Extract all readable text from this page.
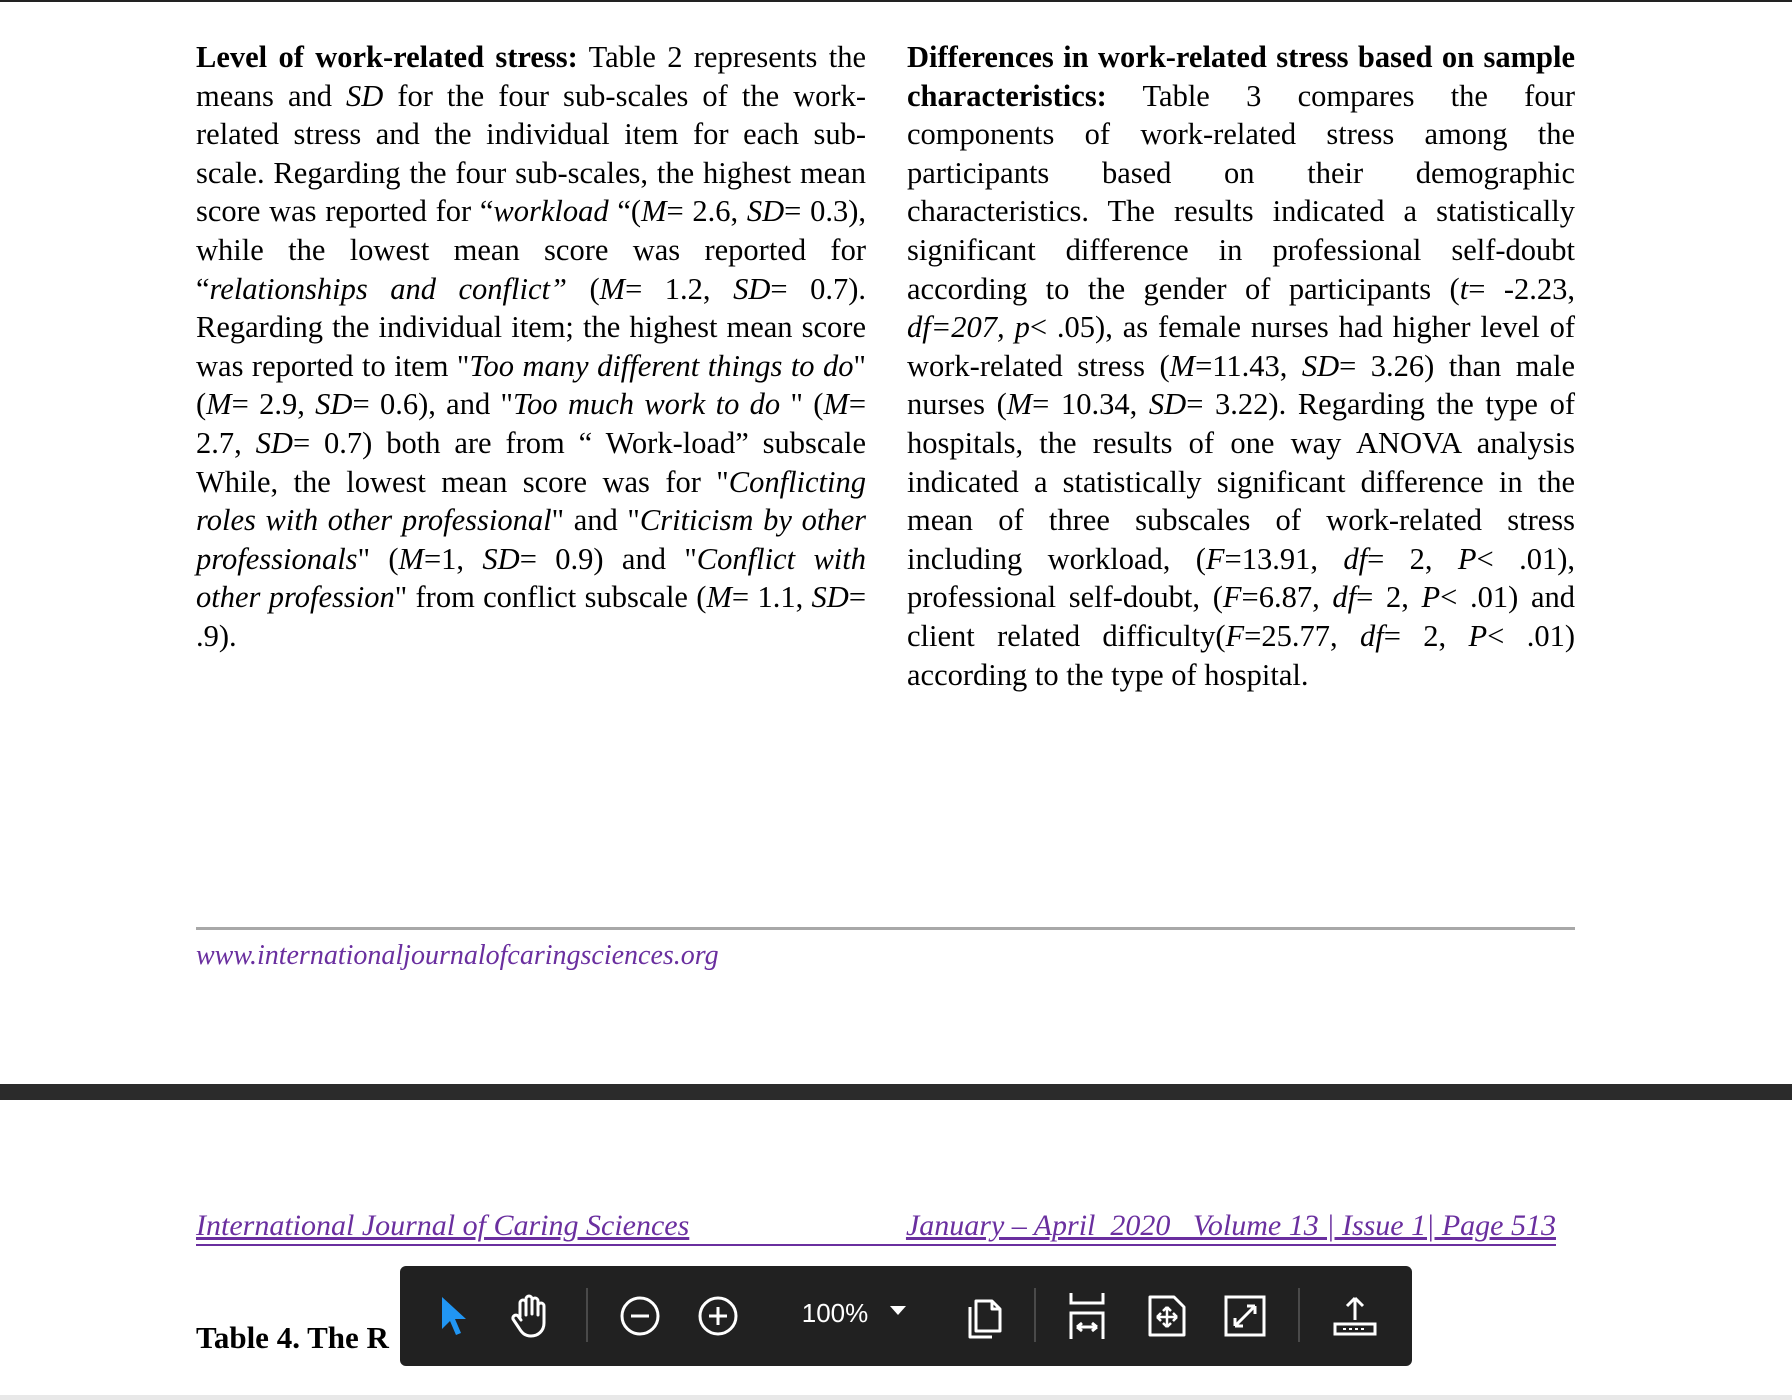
Level of work-related stress: Table 2 represents the means and SD for the four sub-scales of the work-related stress and the individual item for each sub-scale. Regarding the four sub-scales, the highest mean score was reported for “workload “(M= 2.6, SD= 0.3), while the lowest mean score was reported for “relationships and conflict” (M= 1.2, SD= 0.7). Regarding the individual item; the highest mean score was reported to item "Too many different things to do" (M= 2.9, SD= 0.6), and "Too much work to do " (M= 2.7, SD= 0.7) both are from “ Work-load” subscale While, the lowest mean score was for "Conflicting roles with other professional" and "Criticism by other professionals" (M=1, SD= 0.9) and "Conflict with other profession" from conflict subscale (M= 1.1, SD= .9).
Differences in work-related stress based on sample characteristics: Table 3 compares the four components of work-related stress among the participants based on their demographic characteristics. The results indicated a statistically significant difference in professional self-doubt according to the gender of participants (t= -2.23, df=207, p< .05), as female nurses had higher level of work-related stress (M=11.43, SD= 3.26) than male nurses (M= 10.34, SD= 3.22). Regarding the type of hospitals, the results of one way ANOVA analysis indicated a statistically significant difference in the mean of three subscales of work-related stress including workload, (F=13.91, df= 2, P< .01), professional self-doubt, (F=6.87, df= 2, P< .01) and client related difficulty(F=25.77, df= 2, P< .01) according to the type of hospital.
www.internationaljournalofcaringsciences.org
International Journal of Caring Sciences	January – April  2020   Volume 13 | Issue 1| Page 513
Table 4. The R
100%
